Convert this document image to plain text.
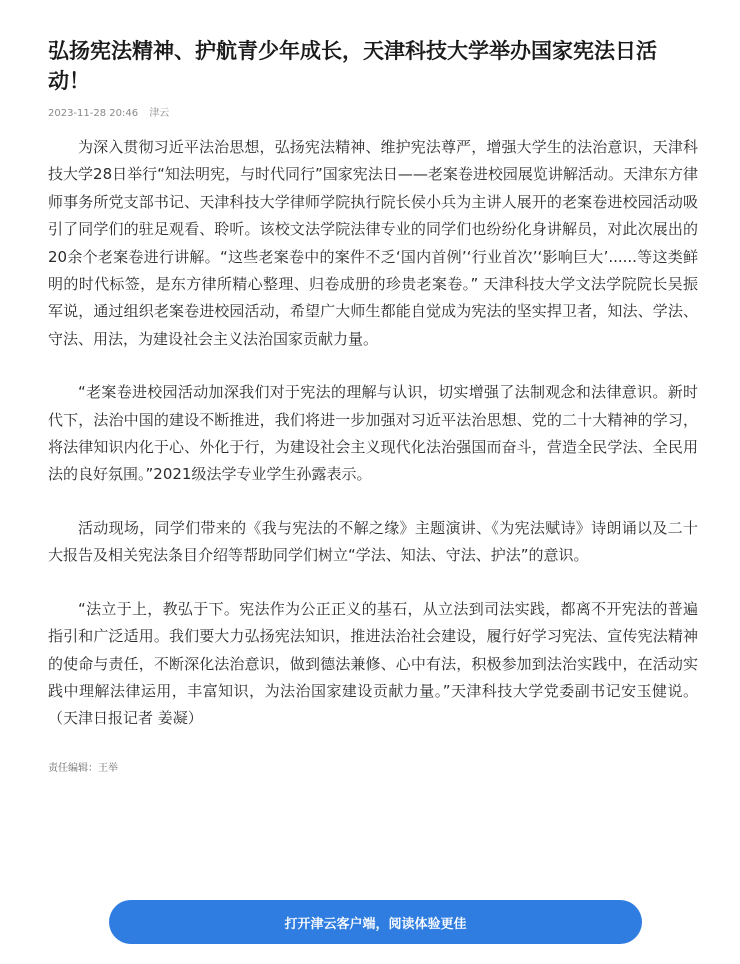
弘扬宪法精神、护航青少年成长，天津科技大学举办国家宪法日活动！
2023-11-28 20:46 津云

为深入贯彻习近平法治思想，弘扬宪法精神、维护宪法尊严，增强大学生的法治意识，天津科技大学28日举行“知法明宪，与时代同行”国家宪法日——老案卷进校园展览讲解活动。天津东方律师事务所党支部书记、天津科技大学律师学院执行院长侯小兵为主讲人展开的老案卷进校园活动吸引了同学们的驻足观看、聆听。该校文法学院法律专业的同学们也纷纷化身讲解员，对此次展出的20余个老案卷进行讲解。“这些老案卷中的案件不乏‘国内首例’‘行业首次’‘影响巨大’......等这类鲜明的时代标签，是东方律所精心整理、归卷成册的珍贵老案卷。” 天津科技大学文法学院院长吴振军说，通过组织老案卷进校园活动，希望广大师生都能自觉成为宪法的坚实捍卫者，知法、学法、守法、用法，为建设社会主义法治国家贡献力量。

“老案卷进校园活动加深我们对于宪法的理解与认识，切实增强了法制观念和法律意识。新时代下，法治中国的建设不断推进，我们将进一步加强对习近平法治思想、党的二十大精神的学习，将法律知识内化于心、外化于行，为建设社会主义现代化法治强国而奋斗，营造全民学法、全民用法的良好氛围。”2021级法学专业学生孙露表示。

活动现场，同学们带来的《我与宪法的不解之缘》主题演讲、《为宪法赋诗》诗朗诵以及二十大报告及相关宪法条目介绍等帮助同学们树立“学法、知法、守法、护法”的意识。

“法立于上，教弘于下。宪法作为公正正义的基石，从立法到司法实践，都离不开宪法的普遍指引和广泛适用。我们要大力弘扬宪法知识，推进法治社会建设，履行好学习宪法、宣传宪法精神的使命与责任，不断深化法治意识，做到德法兼修、心中有法，积极参加到法治实践中，在活动实践中理解法律运用，丰富知识，为法治国家建设贡献力量。”天津科技大学党委副书记安玉健说。（天津日报记者 姜凝）

责任编辑：王举
打开津云客户端，阅读体验更佳
